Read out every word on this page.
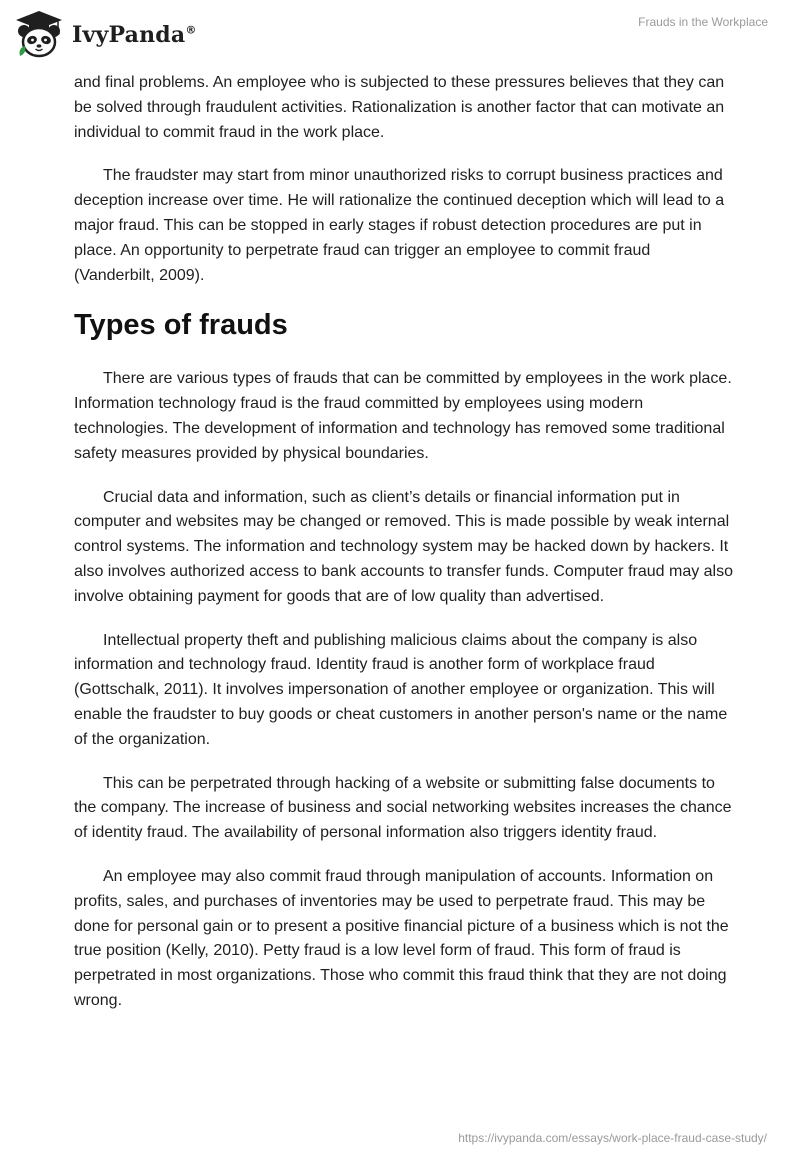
IvyPanda®
Frauds in the Workplace

and final problems. An employee who is subjected to these pressures believes that they can be solved through fraudulent activities. Rationalization is another factor that can motivate an individual to commit fraud in the work place.

The fraudster may start from minor unauthorized risks to corrupt business practices and deception increase over time. He will rationalize the continued deception which will lead to a major fraud. This can be stopped in early stages if robust detection procedures are put in place. An opportunity to perpetrate fraud can trigger an employee to commit fraud (Vanderbilt, 2009).

Types of frauds

There are various types of frauds that can be committed by employees in the work place. Information technology fraud is the fraud committed by employees using modern technologies. The development of information and technology has removed some traditional safety measures provided by physical boundaries.

Crucial data and information, such as client’s details or financial information put in computer and websites may be changed or removed. This is made possible by weak internal control systems. The information and technology system may be hacked down by hackers. It also involves authorized access to bank accounts to transfer funds. Computer fraud may also involve obtaining payment for goods that are of low quality than advertised.

Intellectual property theft and publishing malicious claims about the company is also information and technology fraud. Identity fraud is another form of workplace fraud (Gottschalk, 2011). It involves impersonation of another employee or organization. This will enable the fraudster to buy goods or cheat customers in another person's name or the name of the organization.

This can be perpetrated through hacking of a website or submitting false documents to the company. The increase of business and social networking websites increases the chance of identity fraud. The availability of personal information also triggers identity fraud.

An employee may also commit fraud through manipulation of accounts. Information on profits, sales, and purchases of inventories may be used to perpetrate fraud. This may be done for personal gain or to present a positive financial picture of a business which is not the true position (Kelly, 2010). Petty fraud is a low level form of fraud. This form of fraud is perpetrated in most organizations. Those who commit this fraud think that they are not doing wrong.

https://ivypanda.com/essays/work-place-fraud-case-study/
